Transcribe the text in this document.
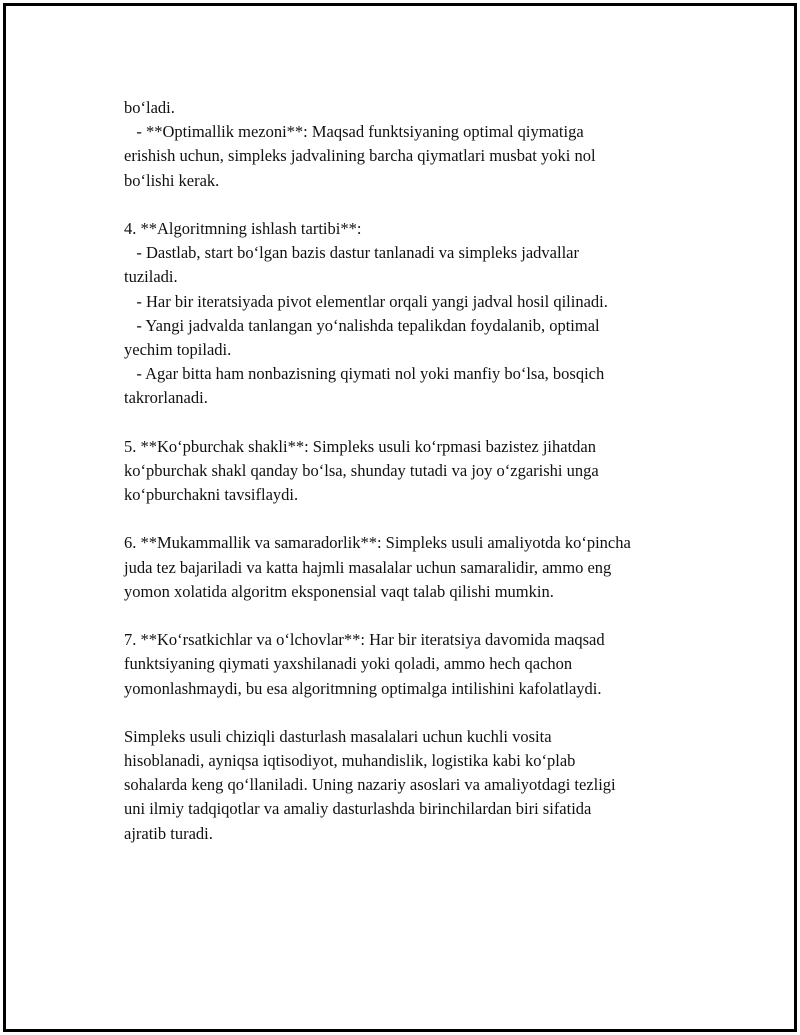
bo‘ladi.
- **Optimallik mezoni**: Maqsad funktsiyaning optimal qiymatiga
erishish uchun, simpleks jadvalining barcha qiymatlari musbat yoki nol
bo‘lishi kerak.
4. **Algoritmning ishlash tartibi**:
- Dastlab, start bo‘lgan bazis dastur tanlanadi va simpleks jadvallar
tuziladi.
- Har bir iteratsiyada pivot elementlar orqali yangi jadval hosil qilinadi.
- Yangi jadvalda tanlangan yo‘nalishda tepalikdan foydalanib, optimal
yechim topiladi.
- Agar bitta ham nonbazisning qiymati nol yoki manfiy bo‘lsa, bosqich
takrorlanadi.
5. **Ko‘pburchak shakli**: Simpleks usuli ko‘rpmasi bazistez jihatdan
ko‘pburchak shakl qanday bo‘lsa, shunday tutadi va joy o‘zgarishi unga
ko‘pburchakni tavsiflaydi.
6. **Mukammallik va samaradorlik**: Simpleks usuli amaliyotda ko‘pincha
juda tez bajariladi va katta hajmli masalalar uchun samaralidir, ammo eng
yomon xolatida algoritm eksponensial vaqt talab qilishi mumkin.
7. **Ko‘rsatkichlar va o‘lchovlar**: Har bir iteratsiya davomida maqsad
funktsiyaning qiymati yaxshilanadi yoki qoladi, ammo hech qachon
yomonlashmaydi, bu esa algoritmning optimalga intilishini kafolatlaydi.
Simpleks usuli chiziqli dasturlash masalalari uchun kuchli vosita
hisoblanadi, ayniqsa iqtisodiyot, muhandislik, logistika kabi ko‘plab
sohalarda keng qo‘llaniladi. Uning nazariy asoslari va amaliyotdagi tezligi
uni ilmiy tadqiqotlar va amaliy dasturlashda birinchilardan biri sifatida
ajratib turadi.
